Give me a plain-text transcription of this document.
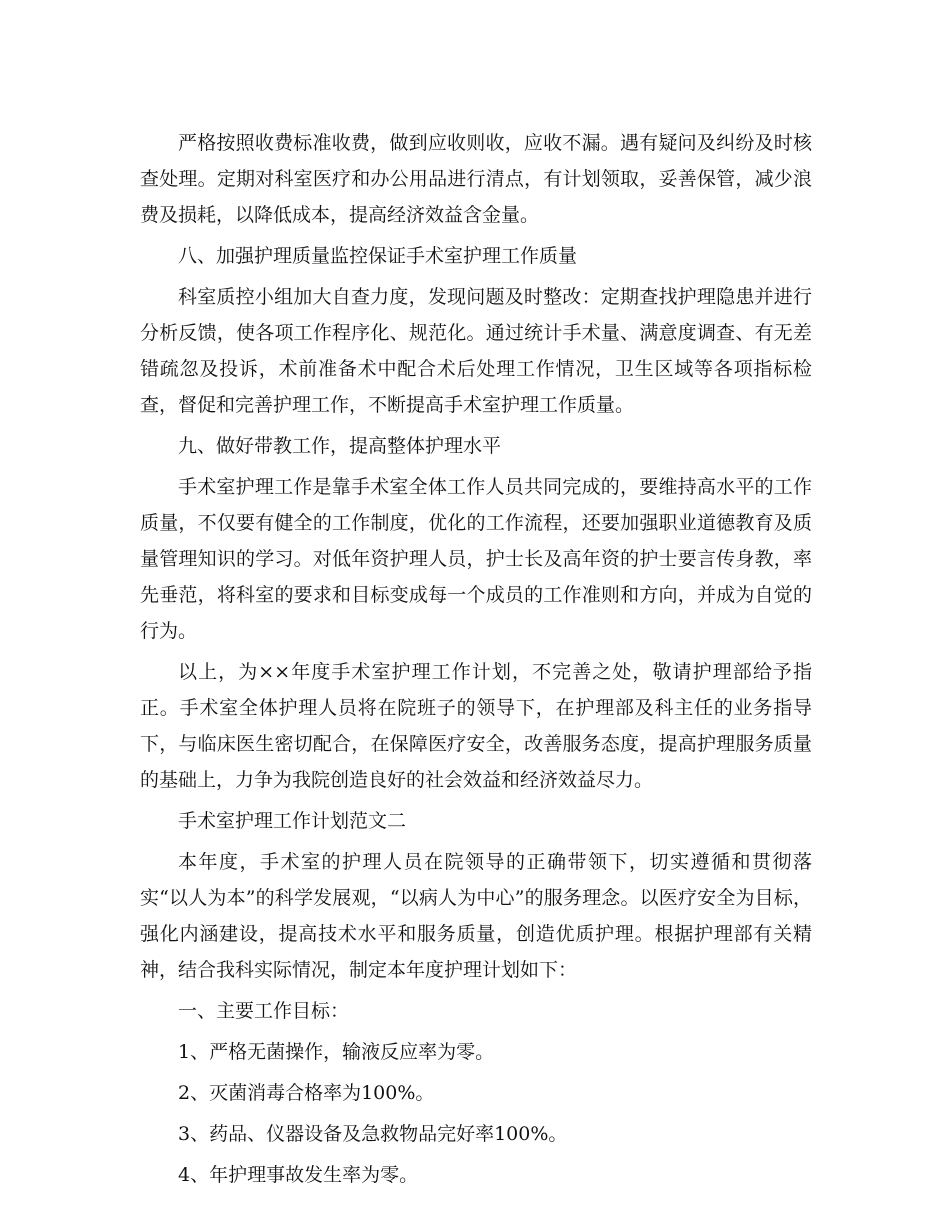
严格按照收费标准收费，做到应收则收，应收不漏。遇有疑问及纠纷及时核查处理。定期对科室医疗和办公用品进行清点，有计划领取，妥善保管，减少浪费及损耗，以降低成本，提高经济效益含金量。

八、加强护理质量监控保证手术室护理工作质量

科室质控小组加大自查力度，发现问题及时整改：定期查找护理隐患并进行分析反馈，使各项工作程序化、规范化。通过统计手术量、满意度调查、有无差错疏忽及投诉，术前准备术中配合术后处理工作情况，卫生区域等各项指标检查，督促和完善护理工作，不断提高手术室护理工作质量。

九、做好带教工作，提高整体护理水平

手术室护理工作是靠手术室全体工作人员共同完成的，要维持高水平的工作质量，不仅要有健全的工作制度，优化的工作流程，还要加强职业道德教育及质量管理知识的学习。对低年资护理人员，护士长及高年资的护士要言传身教，率先垂范，将科室的要求和目标变成每一个成员的工作准则和方向，并成为自觉的行为。

以上，为××年度手术室护理工作计划，不完善之处，敬请护理部给予指正。手术室全体护理人员将在院班子的领导下，在护理部及科主任的业务指导下，与临床医生密切配合，在保障医疗安全，改善服务态度，提高护理服务质量的基础上，力争为我院创造良好的社会效益和经济效益尽力。

手术室护理工作计划范文二

本年度，手术室的护理人员在院领导的正确带领下，切实遵循和贯彻落实“以人为本”的科学发展观，“以病人为中心”的服务理念。以医疗安全为目标，强化内涵建设，提高技术水平和服务质量，创造优质护理。根据护理部有关精神，结合我科实际情况，制定本年度护理计划如下：

一、主要工作目标：

1、严格无菌操作，输液反应率为零。

2、灭菌消毒合格率为100%。

3、药品、仪器设备及急救物品完好率100%。

4、年护理事故发生率为零。
